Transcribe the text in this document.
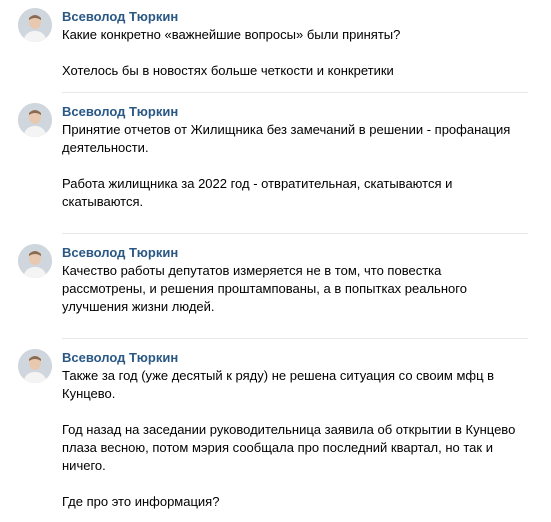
Всеволод Тюркин

Какие конкретно «важнейшие вопросы» были приняты?

Хотелось бы в новостях больше четкости и конкретики

Всеволод Тюркин

Принятие отчетов от Жилищника без замечаний в решении - профанация деятельности.

Работа жилищника за 2022 год - отвратительная, скатываются и скатываются.

Всеволод Тюркин

Качество работы депутатов измеряется не в том, что повестка рассмотрены, и решения проштампованы, а в попытках реального улучшения жизни людей.

Всеволод Тюркин

Также за год (уже десятый к ряду) не решена ситуация со своим мфц в Кунцево.

Год назад на заседании руководительница заявила об открытии в Кунцево плаза весною, потом мэрия сообщала про последний квартал, но так и ничего.

Где про это информация?
